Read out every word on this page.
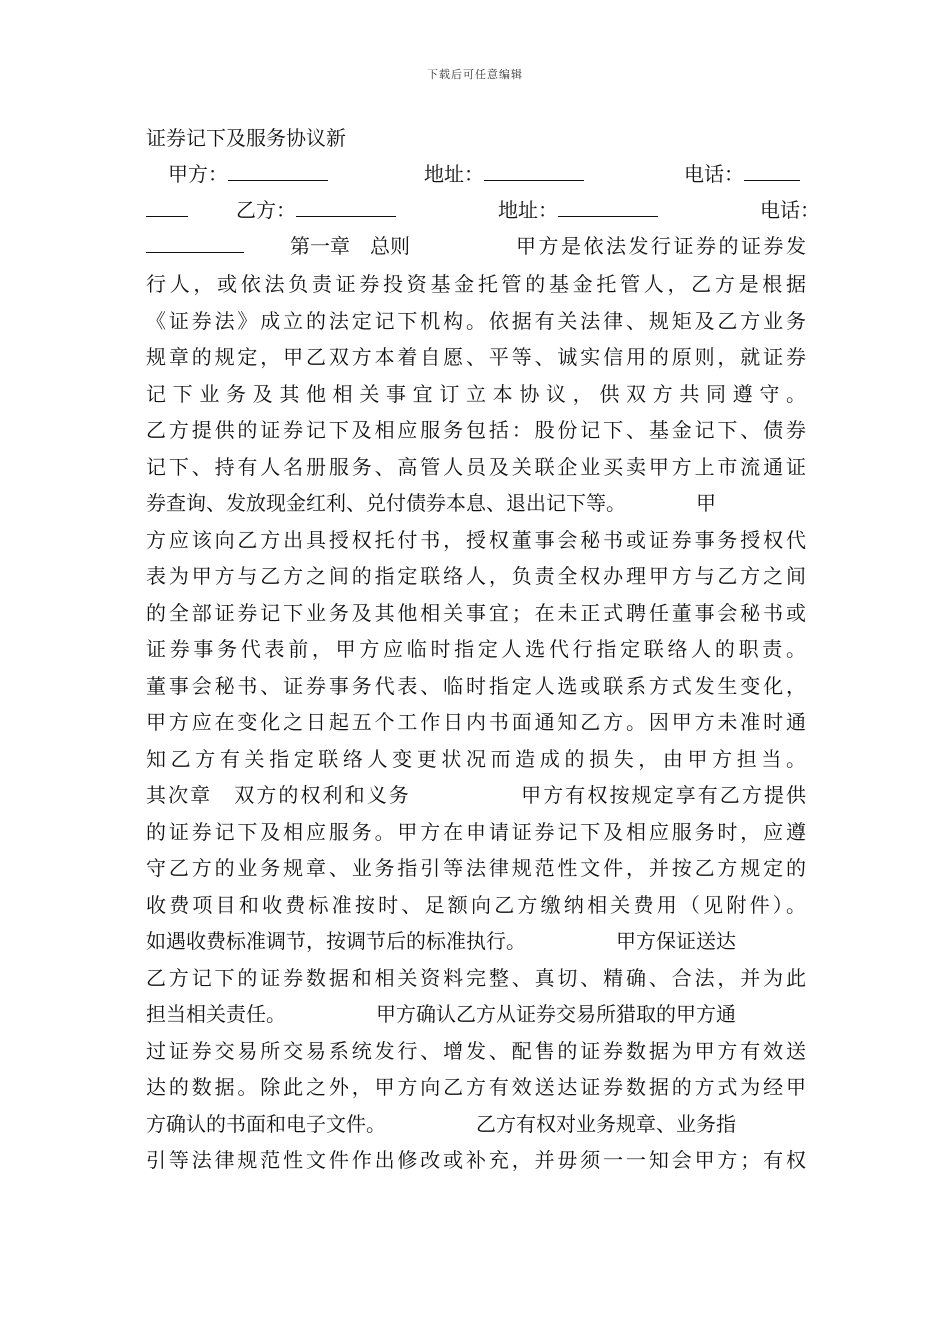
下载后可任意编辑
证券记下及服务协议新
甲方：	地址：	电话：
乙方：	地址：	电话：
第一章　总则	甲方是依法发行证券的证券发
行人，或依法负责证券投资基金托管的基金托管人，乙方是根据
《证券法》成立的法定记下机构。依据有关法律、规矩及乙方业务
规章的规定，甲乙双方本着自愿、平等、诚实信用的原则，就证券
记下业务及其他相关事宜订立本协议，供双方共同遵守。
乙方提供的证券记下及相应服务包括：股份记下、基金记下、债券
记下、持有人名册服务、高管人员及关联企业买卖甲方上市流通证
券查询、发放现金红利、兑付债券本息、退出记下等。　　　　甲
方应该向乙方出具授权托付书，授权董事会秘书或证券事务授权代
表为甲方与乙方之间的指定联络人，负责全权办理甲方与乙方之间
的全部证券记下业务及其他相关事宜；在未正式聘任董事会秘书或
证券事务代表前，甲方应临时指定人选代行指定联络人的职责。
董事会秘书、证券事务代表、临时指定人选或联系方式发生变化，
甲方应在变化之日起五个工作日内书面通知乙方。因甲方未准时通
知乙方有关指定联络人变更状况而造成的损失，由甲方担当。
其次章　双方的权利和义务　　　　　甲方有权按规定享有乙方提供
的证券记下及相应服务。甲方在申请证券记下及相应服务时，应遵
守乙方的业务规章、业务指引等法律规范性文件，并按乙方规定的
收费项目和收费标准按时、足额向乙方缴纳相关费用（见附件）。
如遇收费标准调节，按调节后的标准执行。　　　　　甲方保证送达
乙方记下的证券数据和相关资料完整、真切、精确、合法，并为此
担当相关责任。　　　　　甲方确认乙方从证券交易所猎取的甲方通
过证券交易所交易系统发行、增发、配售的证券数据为甲方有效送
达的数据。除此之外，甲方向乙方有效送达证券数据的方式为经甲
方确认的书面和电子文件。　　　　　乙方有权对业务规章、业务指
引等法律规范性文件作出修改或补充，并毋须一一知会甲方；有权
